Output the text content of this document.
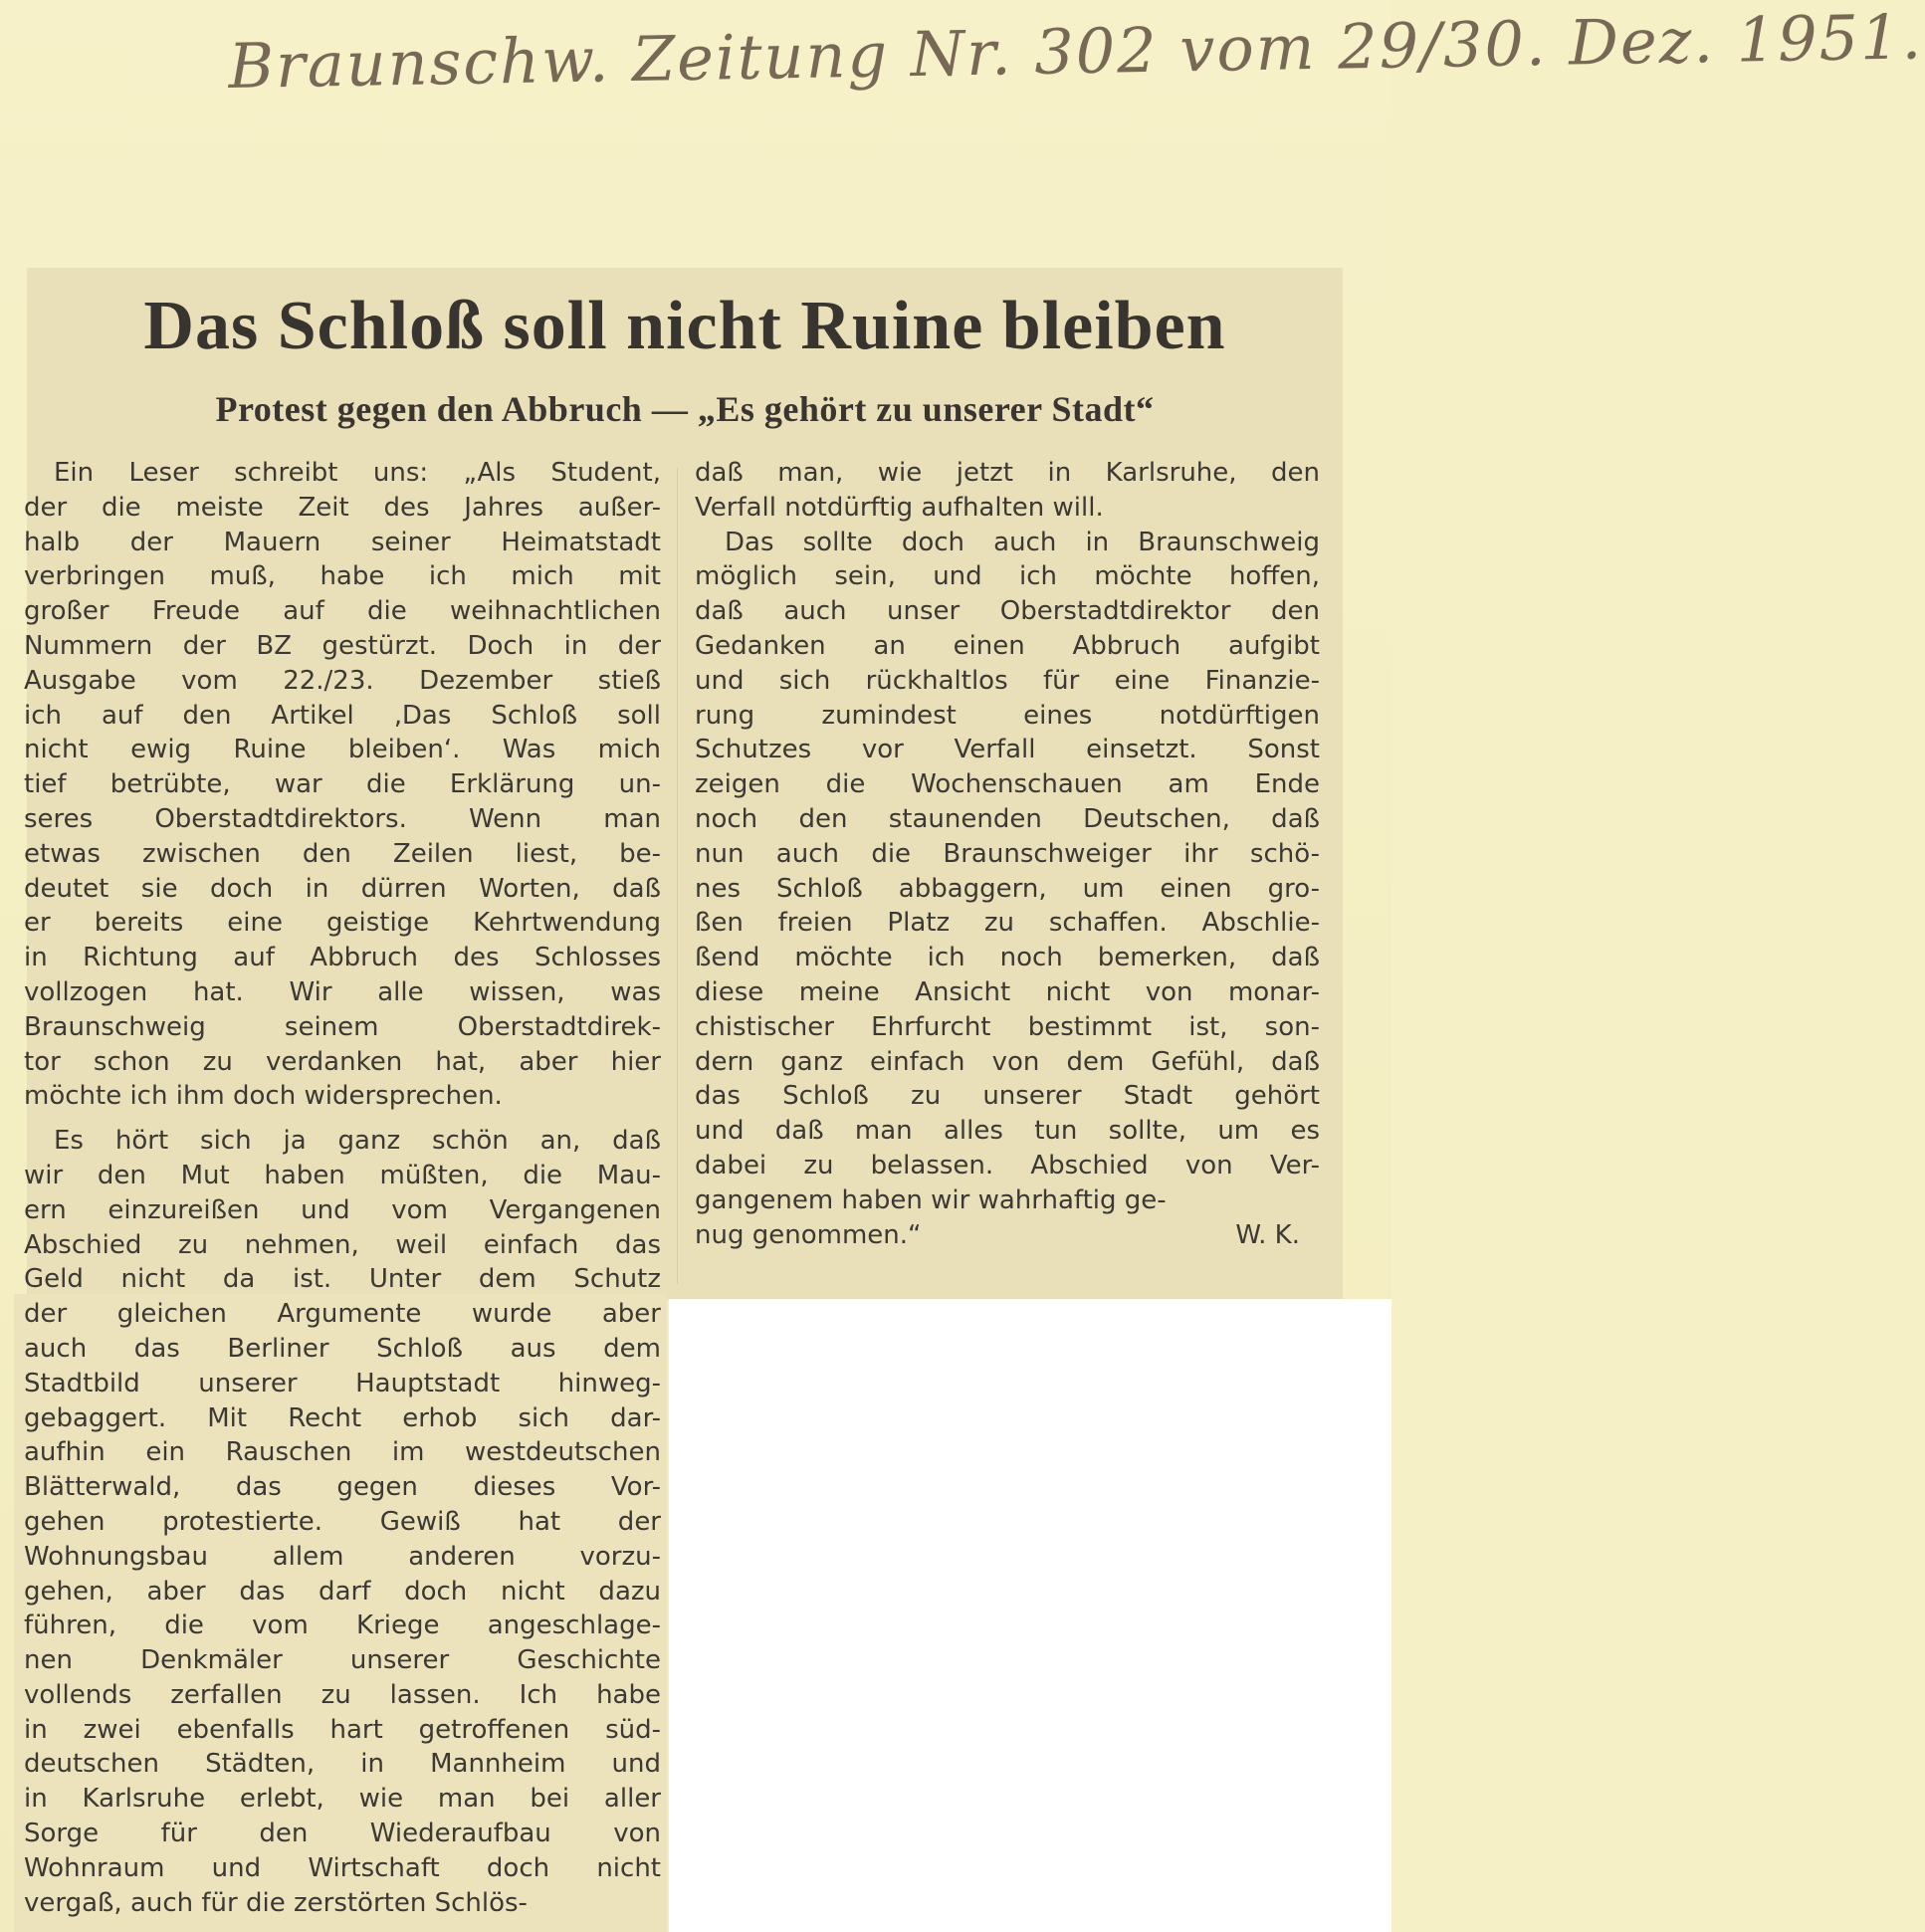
Braunschw. Zeitung Nr. 302 vom 29/30. Dez. 1951.
Das Schloß soll nicht Ruine bleiben
Protest gegen den Abbruch — „Es gehört zu unserer Stadt“
Ein Leser schreibt uns: „Als Student,
der die meiste Zeit des Jahres außer-
halb der Mauern seiner Heimatstadt
verbringen muß, habe ich mich mit
großer Freude auf die weihnachtlichen
Nummern der BZ gestürzt. Doch in der
Ausgabe vom 22./23. Dezember stieß
ich auf den Artikel ‚Das Schloß soll
nicht ewig Ruine bleiben‘. Was mich
tief betrübte, war die Erklärung un-
seres Oberstadtdirektors. Wenn man
etwas zwischen den Zeilen liest, be-
deutet sie doch in dürren Worten, daß
er bereits eine geistige Kehrtwendung
in Richtung auf Abbruch des Schlosses
vollzogen hat. Wir alle wissen, was
Braunschweig seinem Oberstadtdirek-
tor schon zu verdanken hat, aber hier
möchte ich ihm doch widersprechen.
Es hört sich ja ganz schön an, daß
wir den Mut haben müßten, die Mau-
ern einzureißen und vom Vergangenen
Abschied zu nehmen, weil einfach das
Geld nicht da ist. Unter dem Schutz
der gleichen Argumente wurde aber
auch das Berliner Schloß aus dem
Stadtbild unserer Hauptstadt hinweg-
gebaggert. Mit Recht erhob sich dar-
aufhin ein Rauschen im westdeutschen
Blätterwald, das gegen dieses Vor-
gehen protestierte. Gewiß hat der
Wohnungsbau allem anderen vorzu-
gehen, aber das darf doch nicht dazu
führen, die vom Kriege angeschlage-
nen Denkmäler unserer Geschichte
vollends zerfallen zu lassen. Ich habe
in zwei ebenfalls hart getroffenen süd-
deutschen Städten, in Mannheim und
in Karlsruhe erlebt, wie man bei aller
Sorge für den Wiederaufbau von
Wohnraum und Wirtschaft doch nicht
vergaß, auch für die zerstörten Schlös-
daß man, wie jetzt in Karlsruhe, den
Verfall notdürftig aufhalten will.
Das sollte doch auch in Braunschweig
möglich sein, und ich möchte hoffen,
daß auch unser Oberstadtdirektor den
Gedanken an einen Abbruch aufgibt
und sich rückhaltlos für eine Finanzie-
rung zumindest eines notdürftigen
Schutzes vor Verfall einsetzt. Sonst
zeigen die Wochenschauen am Ende
noch den staunenden Deutschen, daß
nun auch die Braunschweiger ihr schö-
nes Schloß abbaggern, um einen gro-
ßen freien Platz zu schaffen. Abschlie-
ßend möchte ich noch bemerken, daß
diese meine Ansicht nicht von monar-
chistischer Ehrfurcht bestimmt ist, son-
dern ganz einfach von dem Gefühl, daß
das Schloß zu unserer Stadt gehört
und daß man alles tun sollte, um es
dabei zu belassen. Abschied von Ver-
gangenem haben wir wahrhaftig ge-
nug genommen.“	W. K.
